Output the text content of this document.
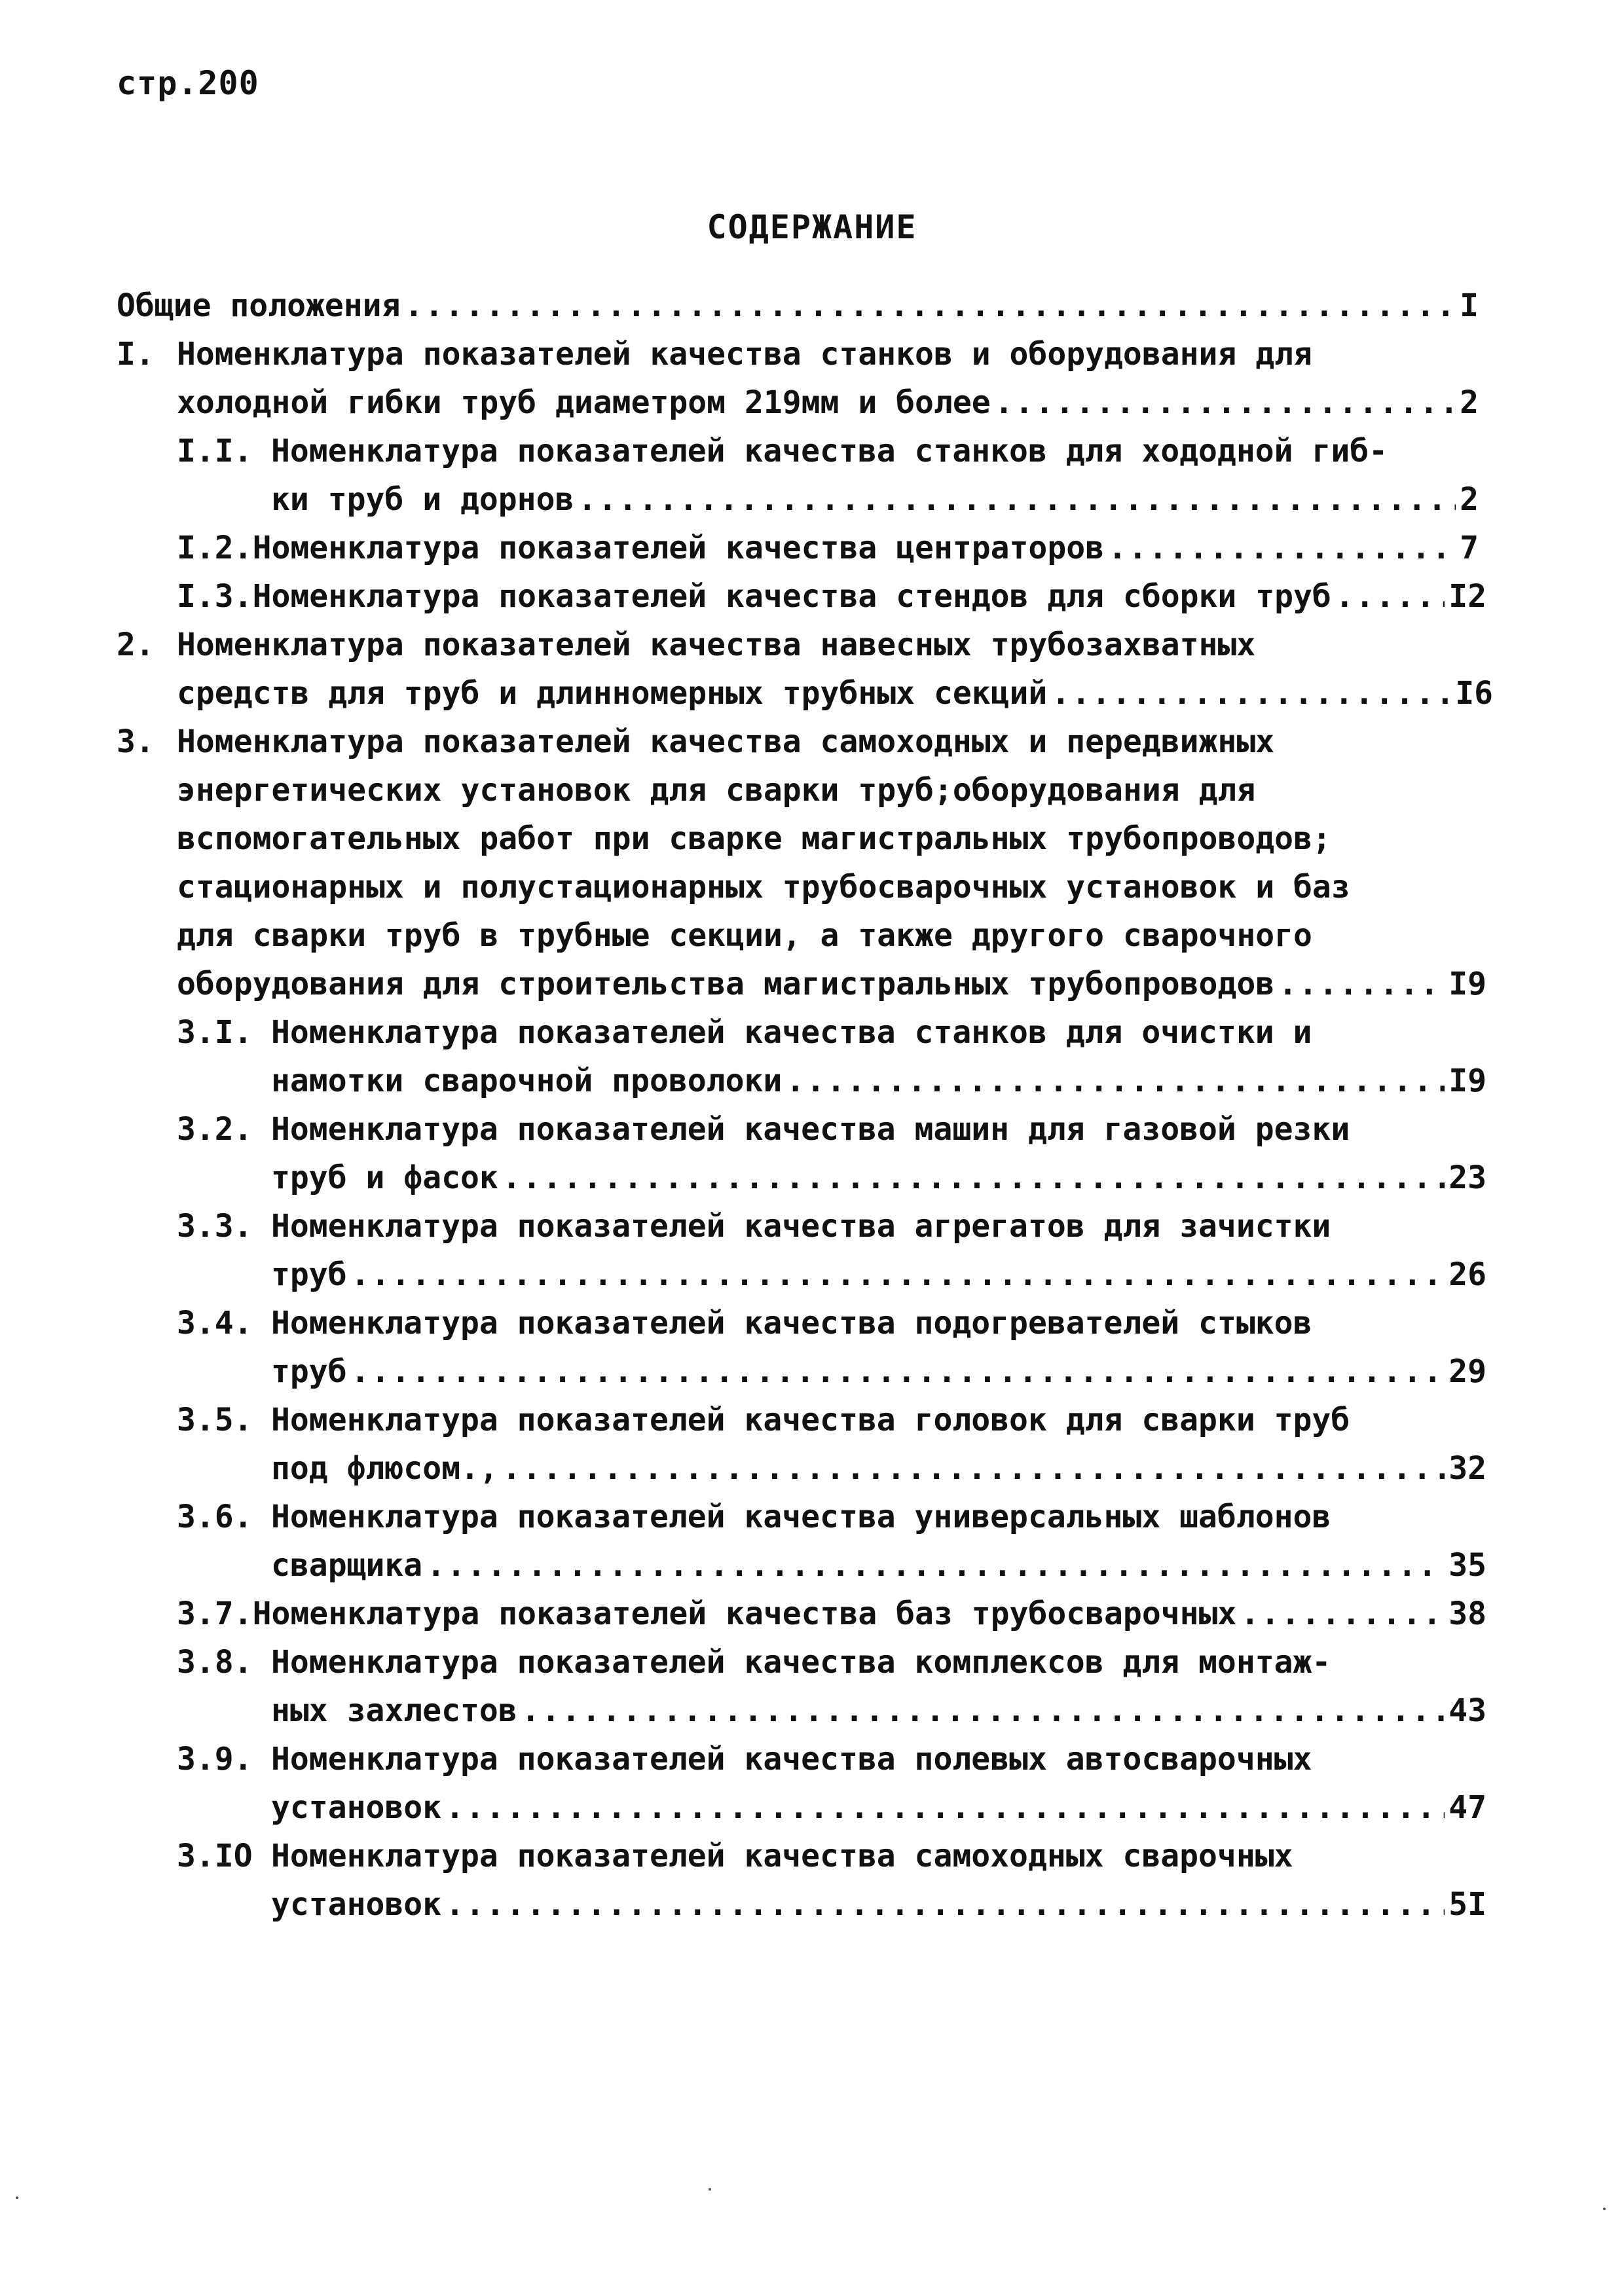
стр.200
СОДЕРЖАНИЕ
Общие положения .....	I
I. Номенклатура показателей качества станков и оборудования для
холодной гибки труб диаметром 219мм и более .....	2
I.I. Номенклатура показателей качества станков для хододной гиб-
ки труб и дорнов .....	2
I.2. Номенклатура показателей качества центраторов .....	7
I.3. Номенклатура показателей качества стендов для сборки труб .....	I2
2. Номенклатура показателей качества навесных трубозахватных
средств для труб и длинномерных трубных секций .....	I6
3. Номенклатура показателей качества самоходных и передвижных
энергетических установок для сварки труб;оборудования для
вспомогательных работ при сварке магистральных трубопроводов;
стационарных и полустационарных трубосварочных установок и баз
для сварки труб в трубные секции, а также другого сварочного
оборудования для строительства магистральных трубопроводов .....	I9
3.I. Номенклатура показателей качества станков для очистки и
намотки сварочной проволоки .....	I9
3.2. Номенклатура показателей качества машин для газовой резки
труб и фасок .....	23
3.3. Номенклатура показателей качества агрегатов для зачистки
труб .....	26
3.4. Номенклатура показателей качества подогревателей стыков
труб .....	29
3.5. Номенклатура показателей качества головок для сварки труб
под флюсом., .....	32
3.6. Номенклатура показателей качества универсальных шаблонов
сварщика .....	35
3.7. Номенклатура показателей качества баз трубосварочных .....	38
3.8. Номенклатура показателей качества комплексов для монтаж-
ных захлестов .....	43
3.9. Номенклатура показателей качества полевых автосварочных
установок .....	47
3.IO Номенклатура показателей качества самоходных сварочных
установок .....	5I
